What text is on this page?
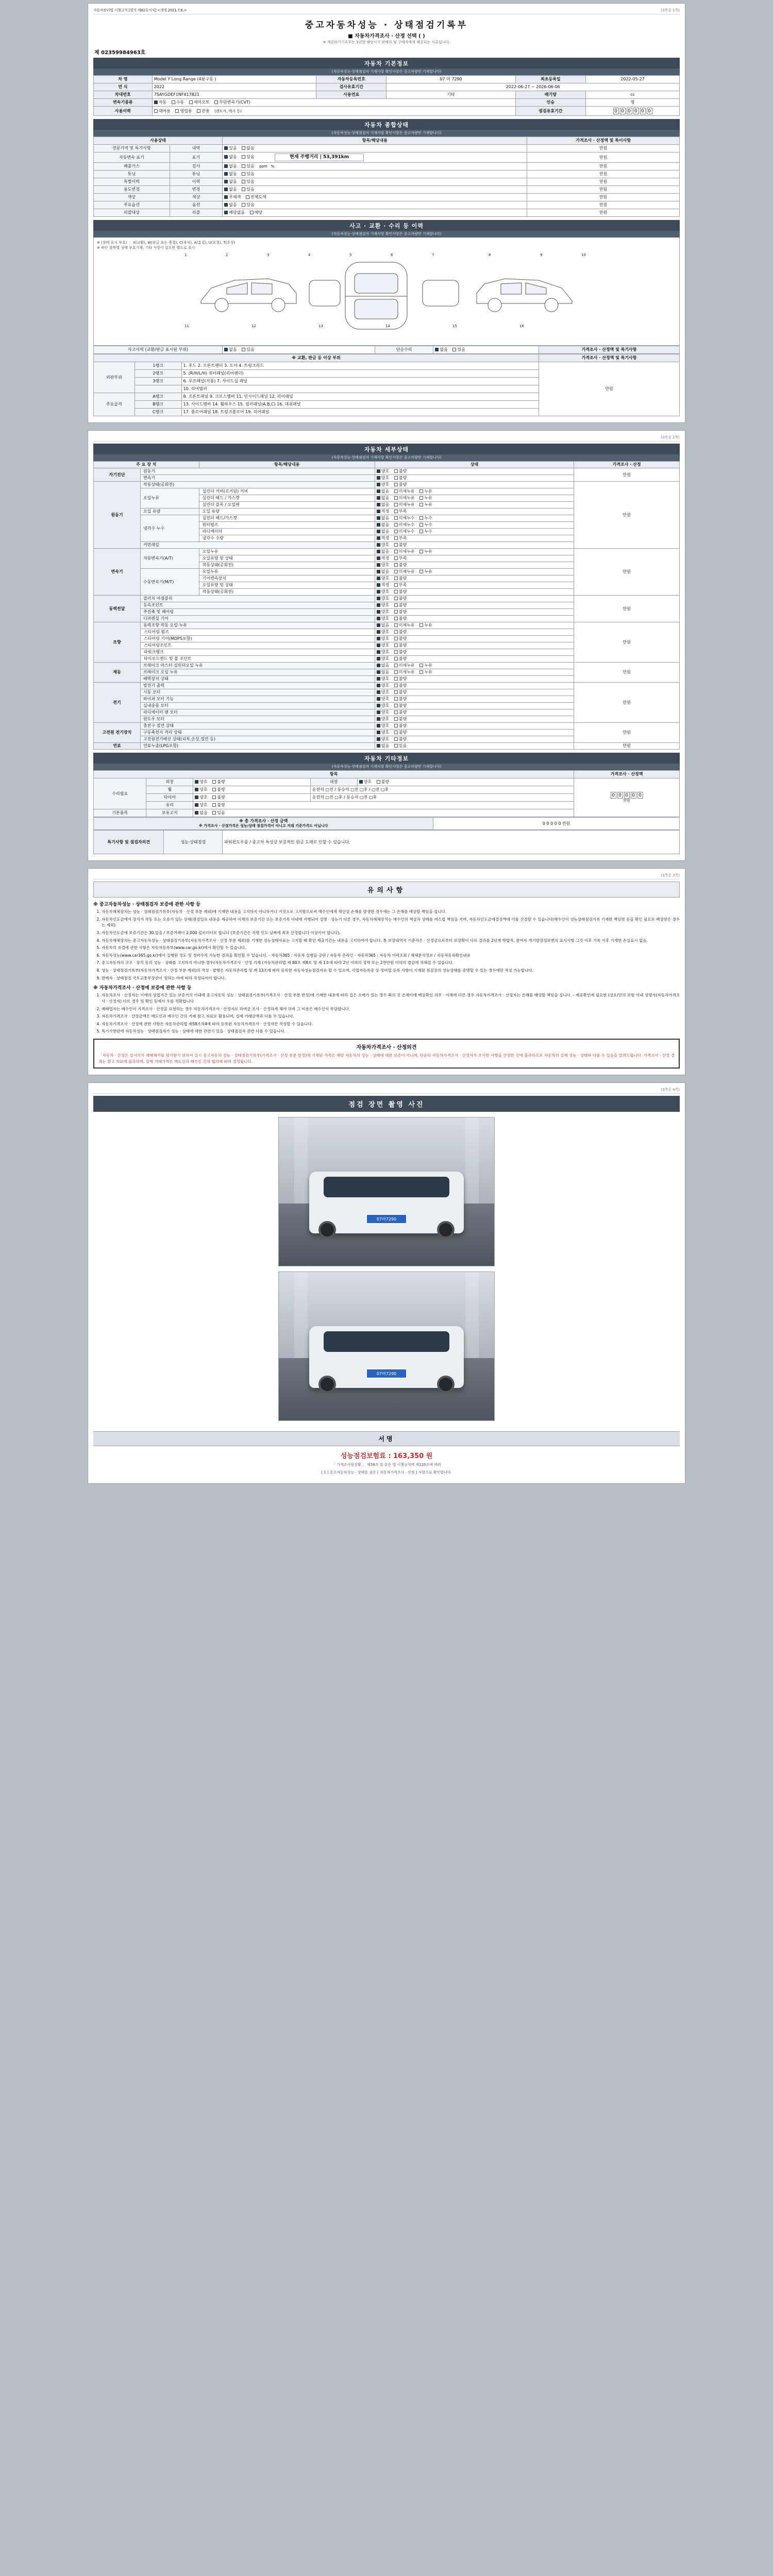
자동차관리법 시행규칙 [별지 제82호서식] <개정 2021.7.6.>	(3쪽중 1쪽)
중고자동차성능 · 상태점검기록부
■ 자동차가격조사 · 산정 선택 ( )
※ 제공하기기록부는 1년한 해당시기 판매자 및 구매자에게 제공되는 서류입니다.
제 02359984963호
자동차 기본정보
(자동차성능·상태점검자 기재사항 확인사항은 중고차량만 기재합니다)
차 명	Model Y Long Range (4륜구동 )	자동차등록번호	07 머 7290	최초등록일	2022-05-27
연 식	2022	검사유효기간	2022-06-27 ~ 2026-06-06		
차대번호	7SAYGDEF1NF417821	사용연료	기타	배기량	cc
변속기종류	자동 수동 세미오토 무단변속기(CVT)			인승	명
사용이력	대여용 영업용 관용 (렌트카, 택시 등)	점검유효기간	0 0 0 0 0 0
자동차 종합상태
(자동차성능·상태점검자 기재사항 확인사항은 중고차량만 기재합니다)
사용상태		항목/해당내용	가격조사 · 산정액 및 특이사항
전문가격 및 특기사항	내역	있음 없음	만원
자동변속 표기	표기	없음 있음 현재 주행거리 | 53,391km	만원
배출가스	검사	없음 있음 ppm   %	만원
튜닝	튜닝	없음 있음	만원
특별이력	이력	없음 있음	만원
용도변경	변경	없음 있음	만원
색상	색상	무채색 전체도색	만원
주요옵션	옵션	없음 있음	만원
리콜대상	리콜	해당없음 해당	만원
사고 · 교환 · 수리 등 이력
(자동차성능·상태점검자 기재사항 확인사항은 중고차량만 기재합니다)
※ (상태 표시 부호) ： X(교환), W(판금 또는 용접), C(부식), A(흠집), U(요철), T(손상)
※ 하단 항목별 상태 부호기재, 기타 사항이 있으면 별도로 표시
1	2	3	4	5	6	7	8	9	10
11	12	13	14	15	16
사고이력 (교환/판금 표시된 부위)	없음 있음	단순수리	없음 있음	가격조사 · 산정액 및 특기사항
※ 교환, 판금 등 이상 부위			가격조사 · 산정액 및 특기사항
외판부위	1랭크	1. 후드 2. 프론트펜더 3. 도어 4. 트렁크리드	만원
	2랭크	5. (R/H/L/H) 쿼터패널(리어펜더)	
	3랭크	6. 루프패널(지붕) 7. 사이드실 패널	
		10. 리어범퍼	
주요골격	A랭크	8. 프론트패널 9. 크로스멤버 11. 인사이드패널 12. 리어패널	
	B랭크	13. 사이드멤버 14. 휠하우스 15. 필러패널(A,B,C) 16. 대쉬패널	
	C랭크	17. 플로어패널 18. 트렁크플로어 19. 리어패널	

(3쪽중 2쪽)
자동차 세부상태
(자동차성능·상태점검자 기재사항 확인사항은 중고차량만 기재합니다)
주 요 장 치		항목/해당내용	상태	가격조사 · 산정
자기진단	원동기		양호 불량	만원
	변속기		양호 불량	
원동기	작동상태(공회전)		양호 불량	만원
	오일누유	실린더 커버(로커암) 커버	없음 미세누유 누유	
		실린더 헤드 / 가스켓	없음 미세누유 누유	
		실린더 블록 / 오일팬	없음 미세누유 누유	
	오일 유량	오일 유량	적정 부족	
	냉각수 누수	실린더 헤드/가스켓	없음 미세누수 누수	
		워터펌프	없음 미세누수 누수	
		라디에이터	없음 미세누수 누수	
		냉각수 수량	적정 부족	
	커먼레일		양호 불량	
변속기	자동변속기(A/T)	오일누유	없음 미세누유 누유	만원
		오일유량 및 상태	적정 부족	
		작동상태(공회전)	양호 불량	
	수동변속기(M/T)	오일누유	없음 미세누유 누유	
		기어변속장치	양호 불량	
		오일유량 및 상태	적정 부족	
		작동상태(공회전)	양호 불량	
동력전달	클러치 어셈블리		양호 불량	만원
	등속조인트		양호 불량	
	추진축 및 베어링		양호 불량	
	디퍼렌셜 기어		양호 불량	
조향	동력조향 작동 오일 누유		없음 미세누유 누유	만원
	스티어링 펌프		양호 불량	
	스티어링 기어(MDPS포함)		양호 불량	
	스티어링조인트		양호 불량	
	파워크랭크		양호 불량	
	타이로드엔드 및 볼 조인트		양호 불량	
제동	브레이크 마스터 실린더오일 누유		없음 미세누유 누유	만원
	브레이크 오일 누유		없음 미세누유 누유	
	배력장치 상태		양호 불량	
전기	발전기 출력		양호 불량	만원
	시동 모터		양호 불량	
	와이퍼 모터 기능		양호 불량	
	실내송풍 모터		양호 불량	
	라디에이터 팬 모터		양호 불량	
	윈도우 모터		양호 불량	
고전원 전기장치	충전구 절연 상태		양호 불량	만원
	구동축전지 격리 상태		양호 불량	
	고전원전기배선 상태(피복,손상,절연 등)		양호 불량	
연료	연료누출(LPG포함)		없음 있음	만원
자동차 기타정보
(자동차성능·상태점검자 기재사항 확인사항은 중고차량만 기재합니다)
항목					가격조사 · 산정액
수리필요	외장	양호 불량	내장	양호 불량	
0 0 0 0 0
만원

	휠	양호 불량	운전석 □전 / 동승석 □전 □후 / □전 □후		
	타이어	양호 불량	운전석 □전 □후 / 동승석 □전 □후		
	유리	양호 불량			
기본품목	보유고지	없음 있음			
※ 총 가격조사 · 산정 금액
※ 가격조사 · 산정가격은 성능/상태 점검가격이 아니고 거래 기준가격도 아닙니다
	0 0 0 0 0 만원
특기사항 및 점검자의견	성능·상태점검	파워윈도우를 / 중고차 특성상 보증적인 원금 도래로 인할 수 있습니다.

(3쪽중 3쪽)
유의사항
※ 중고자동차성능 · 상태점검자 보증에 관한 사항 등
1. 자동차해체장치는 성능 · 상태점검기록부(자동차 · 산정 부분 제외)에 기재한 내용을 고지하지 아니하거나 거짓으로 고지함으로써 매수인에게 재산상 손해를 발생한 경우에는 그 손해를 배상할 책임을 집니다.
2. 자동차인도금에서 장치가 작동 또는 오류가 있는 상태(점검일로 내용을 제공하여 이해의 보증기간 또는 보증기록 이내에 지행되어 설명 · 성능기 다른 경우, 자동차해체장치는 매수인의 책상과 상태를 버스럽 책임을 지며, 자동차인도금에결정액에 이를 산정할 수 있습니다(매수인이 성능상태점검기록 기재한 책임범 등을 확인 필요로 배상받은 경우는 제외).
3. 자동차인도금에 보증기간은 30.일을 / 보증거래이 2,000 킬로미터로 합니다 (보증기간은 차량 인도 날짜에 최초 산정합니다 이상이어 합니다).
4. 자동차해체장치는 중고자동차성능 · 상태점검기록부(자동차가격조사 · 산정 부분 제외)를 기재한 성능상태자료는 고지할 때 확인 제출기간는 내용을 고지하여야 합니다. 통 보장내역서 기준각은 · 산정금으로부터 보장확이 다르 결과를 2년계 학합적, 참여자 게기발장정보변의 표시사항 그것 이후 기록 이후 기재한 손실표시 없음.
5. 자동차의 유결에 관한 사항은 자동차등록부(www.car.go.kr)에서 확인할 수 있습니다.
6. 자동차성능(www.car365.go.kr)에서 실행된 정도 및 정비수리 가능한 결과을 확인할 수 있습니다. - 자동차365 : 자동차 실행을 공단 / 자동차 온라인 - 자동차365 : 자동차 이력조회 / 해체분석정보 / 자동차등록확인내용
7. 중고자동차의 구조 · 장치 등의 성능 · 상태를 고지하지 아니한 경우(자동차가격조사 · 산정 기재 (자동차관리법 제 80조 제8호 및 제 1호에 따라 2년 이하의 징역 또는 2천만원 이하의 벌금에 처해질 수 있습니다.
8. 성능 · 상태점검기록부(자동차가격조사 · 산정 부분 제외)의 작성 · 발행은 자동차관리법 및 제 13조에 따라 등록한 자동차성능점검자로 할 수 있으며, 사업자등록증 상 정비업 등록 사항이 기재된 점검장의 성능상태를 증명할 수 있는 경우에만 작성 가능합니다.
9. 판매자 · 상태점검 국토교통부장관이 정하는 바에 따라 작성되어야 합니다.
※ 자동차가격조사 · 산정에 보증에 관한 사항 등
1. 자동차조사 · 산정자는 이에의 상업기간 있는 보증거의 이내에 중고자동차 성능 · 상태점검기록부(가격조사 · 산정 부분 한정)에 기재한 내용에 따라 집은 소매가 있는 경우 북의 것 손해이에 배상확인 의무 · 이해에 다른 경우 자동차가격조사 · 산정자는 손해를 배상할 책임을 집니다. - 제공확인에 필요한 (상호/인의 보험 이내 성명가(자동차가격조사 · 산정자) 다르 경우 및 확인 등에서 우를 적확합니다
2. 매매업자는 매수인이 가격조사 · 산정을 요청하는 경우 자동차가격조사 · 산정자로 하여금 조사 · 산정하게 해야 하며 그 비용은 매수인이 부담합니다.
3. 자동차가격조사 · 산정금액은 매도인과 매수인 간의 거래 참고 자료로 활용되며, 실제 거래금액과 다를 수 있습니다.
4. 자동차가격조사 · 산정에 관한 사항은 자동차관리법 제58조의4에 따라 등록된 자동차가격조사 · 산정자만 작성할 수 있습니다.
5. 특기사항란에 자동차성능 · 상태점검자가 성능 · 상태에 대한 관련기 있을 · 상태점검자 관련 다를 수 있습니다.
자동차가격조사 · 산정의견

「자동차 · 산정은 실시기가 재매체가를 평가받기 위하여 실시 중고자동차 성능 · 상태점검기록부(가격조사 · 산정 부분 한정)에 기재된 가격은 해당 자동차의 성능 · 상태에 대한 보증이 아니며, 단순히 자동차가격조사 · 산정자가 조사한 사항을 산정한 것에 불과하므로 자동차의 실제 성능 · 상태와 다를 수 있음을 알려드립니다. 가격조사 · 산정 결과는 참고 자료에 불과하며, 실제 거래가격은 매도인과 매수인 간의 협의에 따라 결정됩니다.

(3쪽중 4쪽)
점검 장면 촬영 사진
07머7290
07머7290
서명
성능점검보험료 : 163,350 원
「 가격조사원상황 」 제58조 및 같은 법 시행규칙에 제120조에 따라
[ 1 ] 중고자동차성능 · 상태를 권은 [ 자동차가격조사 · 산정 ] 사항으로 확인합니다.
